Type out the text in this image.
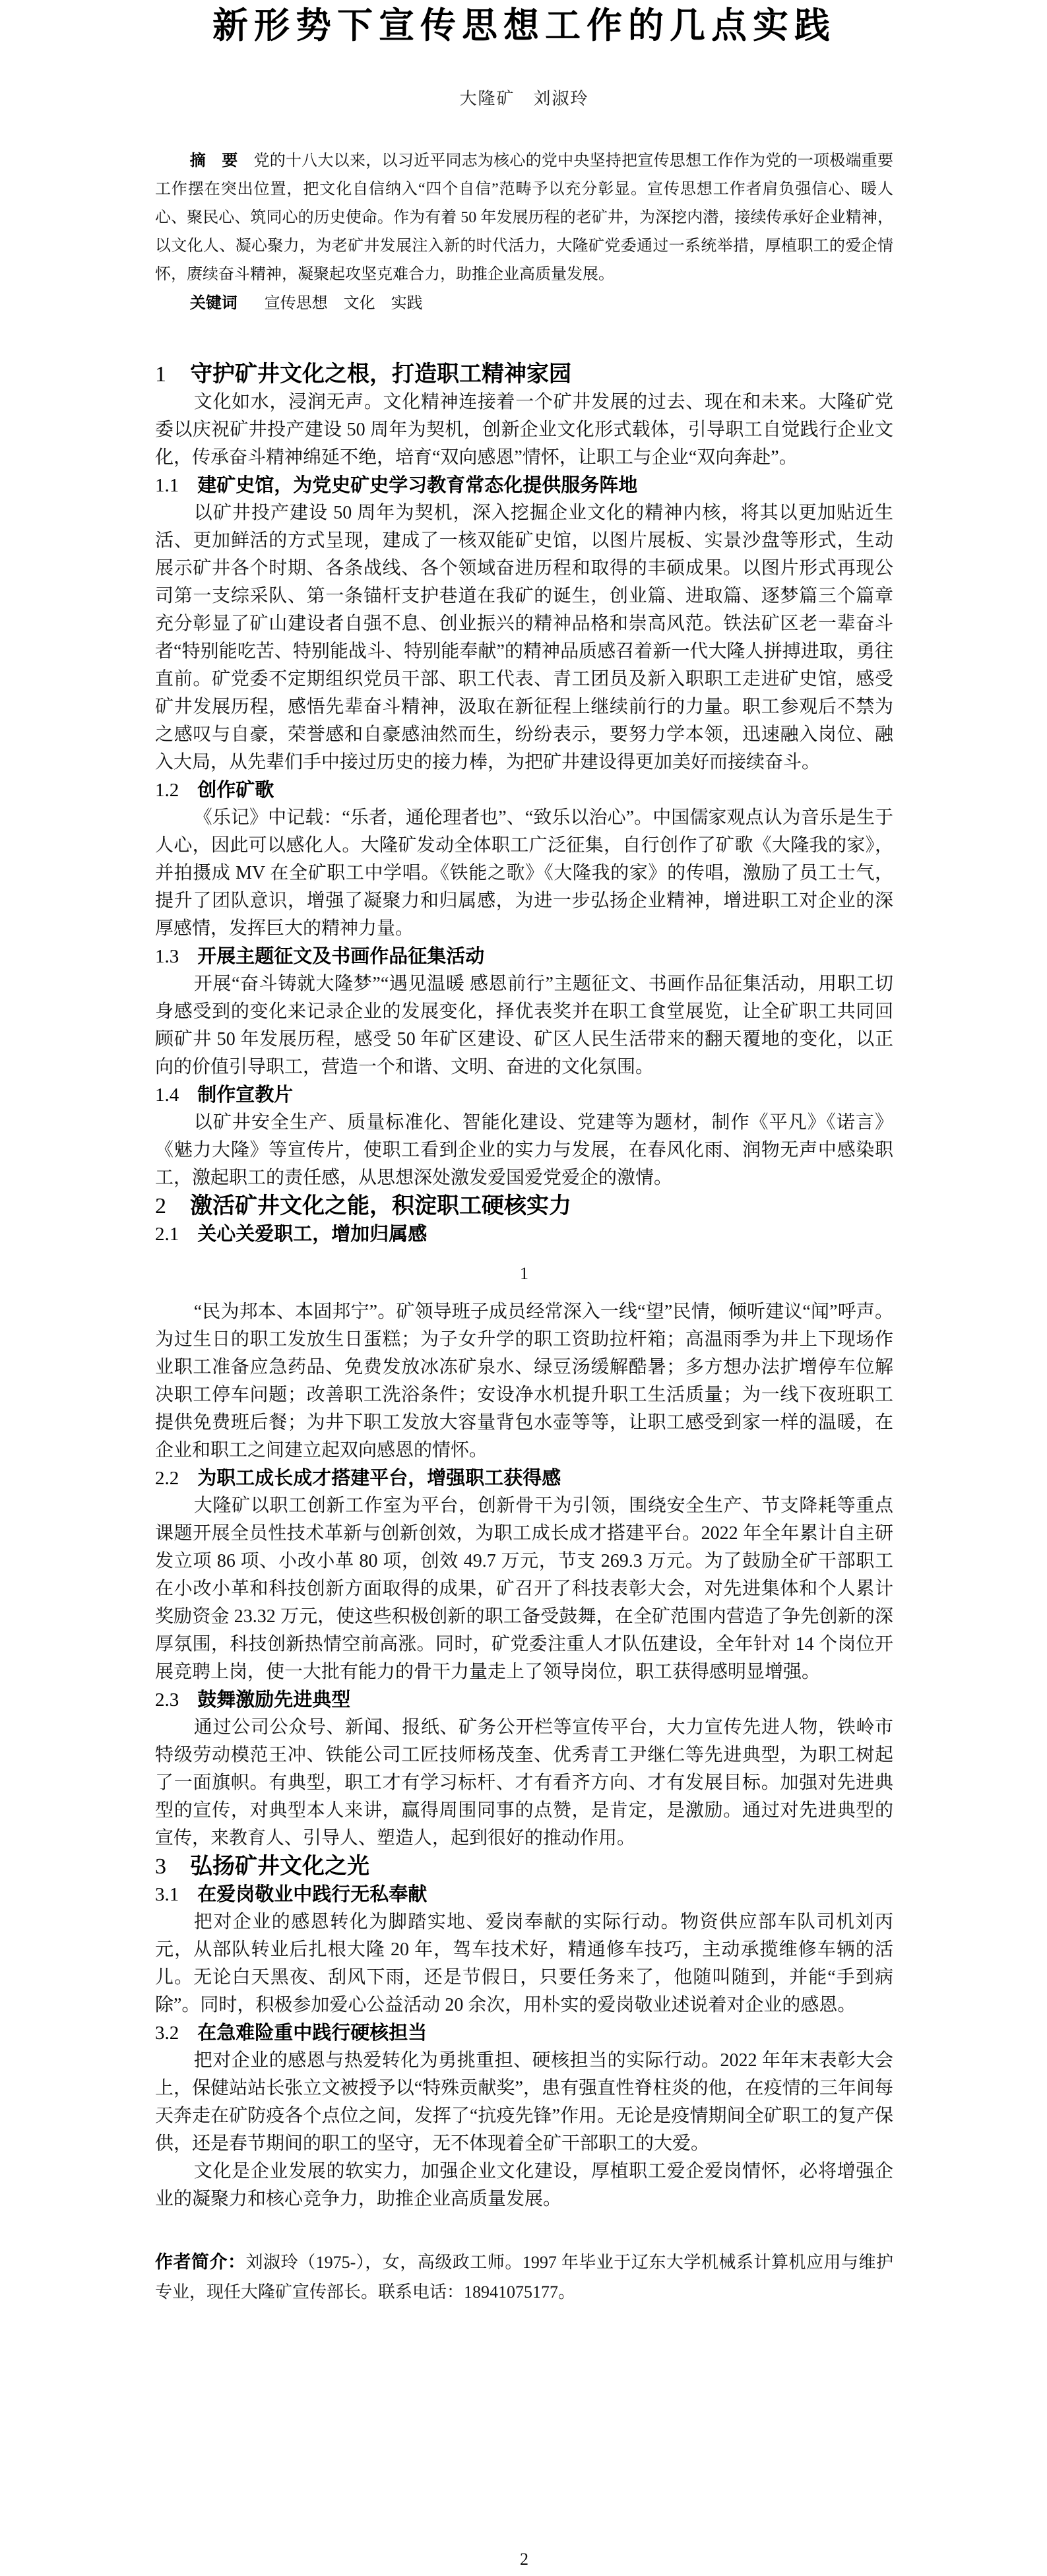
新形势下宣传思想工作的几点实践
大隆矿　刘淑玲

摘　要 党的十八大以来，以习近平同志为核心的党中央坚持把宣传思想工作作为党的一项极端重要工作摆在突出位置，把文化自信纳入“四个自信”范畴予以充分彰显。宣传思想工作者肩负强信心、暖人心、聚民心、筑同心的历史使命。作为有着 50 年发展历程的老矿井，为深挖内潜，接续传承好企业精神，以文化人、凝心聚力，为老矿井发展注入新的时代活力，大隆矿党委通过一系统举措，厚植职工的爱企情怀，赓续奋斗精神，凝聚起攻坚克难合力，助推企业高质量发展。

关键词 宣传思想　文化　实践

1 守护矿井文化之根，打造职工精神家园

文化如水，浸润无声。文化精神连接着一个矿井发展的过去、现在和未来。大隆矿党委以庆祝矿井投产建设 50 周年为契机，创新企业文化形式载体，引导职工自觉践行企业文化，传承奋斗精神绵延不绝，培育“双向感恩”情怀，让职工与企业“双向奔赴”。

1.1 建矿史馆，为党史矿史学习教育常态化提供服务阵地

以矿井投产建设 50 周年为契机，深入挖掘企业文化的精神内核，将其以更加贴近生活、更加鲜活的方式呈现，建成了一核双能矿史馆，以图片展板、实景沙盘等形式，生动展示矿井各个时期、各条战线、各个领域奋进历程和取得的丰硕成果。以图片形式再现公司第一支综采队、第一条锚杆支护巷道在我矿的诞生，创业篇、进取篇、逐梦篇三个篇章充分彰显了矿山建设者自强不息、创业振兴的精神品格和崇高风范。铁法矿区老一辈奋斗者“特别能吃苦、特别能战斗、特别能奉献”的精神品质感召着新一代大隆人拼搏进取，勇往直前。矿党委不定期组织党员干部、职工代表、青工团员及新入职职工走进矿史馆，感受矿井发展历程，感悟先辈奋斗精神，汲取在新征程上继续前行的力量。职工参观后不禁为之感叹与自豪，荣誉感和自豪感油然而生，纷纷表示，要努力学本领，迅速融入岗位、融入大局，从先辈们手中接过历史的接力棒，为把矿井建设得更加美好而接续奋斗。

1.2 创作矿歌

《乐记》中记载：“乐者，通伦理者也”、“致乐以治心”。中国儒家观点认为音乐是生于人心，因此可以感化人。大隆矿发动全体职工广泛征集，自行创作了矿歌《大隆我的家》，并拍摄成 MV 在全矿职工中学唱。《铁能之歌》《大隆我的家》的传唱，激励了员工士气，提升了团队意识，增强了凝聚力和归属感，为进一步弘扬企业精神，增进职工对企业的深厚感情，发挥巨大的精神力量。

1.3 开展主题征文及书画作品征集活动

开展“奋斗铸就大隆梦”“遇见温暖 感恩前行”主题征文、书画作品征集活动，用职工切身感受到的变化来记录企业的发展变化，择优表奖并在职工食堂展览，让全矿职工共同回顾矿井 50 年发展历程，感受 50 年矿区建设、矿区人民生活带来的翻天覆地的变化，以正向的价值引导职工，营造一个和谐、文明、奋进的文化氛围。

1.4 制作宣教片

以矿井安全生产、质量标准化、智能化建设、党建等为题材，制作《平凡》《诺言》《魅力大隆》等宣传片，使职工看到企业的实力与发展，在春风化雨、润物无声中感染职工，激起职工的责任感，从思想深处激发爱国爱党爱企的激情。

2 激活矿井文化之能，积淀职工硬核实力
2.1 关心关爱职工，增加归属感
1

“民为邦本、本固邦宁”。矿领导班子成员经常深入一线“望”民情，倾听建议“闻”呼声。为过生日的职工发放生日蛋糕；为子女升学的职工资助拉杆箱；高温雨季为井上下现场作业职工准备应急药品、免费发放冰冻矿泉水、绿豆汤缓解酷暑；多方想办法扩增停车位解决职工停车问题；改善职工洗浴条件；安设净水机提升职工生活质量；为一线下夜班职工提供免费班后餐；为井下职工发放大容量背包水壶等等，让职工感受到家一样的温暖，在企业和职工之间建立起双向感恩的情怀。

2.2 为职工成长成才搭建平台，增强职工获得感

大隆矿以职工创新工作室为平台，创新骨干为引领，围绕安全生产、节支降耗等重点课题开展全员性技术革新与创新创效，为职工成长成才搭建平台。2022 年全年累计自主研发立项 86 项、小改小革 80 项，创效 49.7 万元，节支 269.3 万元。为了鼓励全矿干部职工在小改小革和科技创新方面取得的成果，矿召开了科技表彰大会，对先进集体和个人累计奖励资金 23.32 万元，使这些积极创新的职工备受鼓舞，在全矿范围内营造了争先创新的深厚氛围，科技创新热情空前高涨。同时，矿党委注重人才队伍建设，全年针对 14 个岗位开展竞聘上岗，使一大批有能力的骨干力量走上了领导岗位，职工获得感明显增强。

2.3 鼓舞激励先进典型

通过公司公众号、新闻、报纸、矿务公开栏等宣传平台，大力宣传先进人物，铁岭市特级劳动模范王冲、铁能公司工匠技师杨茂奎、优秀青工尹继仁等先进典型，为职工树起了一面旗帜。有典型，职工才有学习标杆、才有看齐方向、才有发展目标。加强对先进典型的宣传，对典型本人来讲，赢得周围同事的点赞，是肯定，是激励。通过对先进典型的宣传，来教育人、引导人、塑造人，起到很好的推动作用。

3 弘扬矿井文化之光
3.1 在爱岗敬业中践行无私奉献

把对企业的感恩转化为脚踏实地、爱岗奉献的实际行动。物资供应部车队司机刘丙元，从部队转业后扎根大隆 20 年，驾车技术好，精通修车技巧，主动承揽维修车辆的活儿。无论白天黑夜、刮风下雨，还是节假日，只要任务来了，他随叫随到，并能“手到病除”。同时，积极参加爱心公益活动 20 余次，用朴实的爱岗敬业述说着对企业的感恩。

3.2 在急难险重中践行硬核担当

把对企业的感恩与热爱转化为勇挑重担、硬核担当的实际行动。2022 年年末表彰大会上，保健站站长张立文被授予以“特殊贡献奖”，患有强直性脊柱炎的他，在疫情的三年间每天奔走在矿防疫各个点位之间，发挥了“抗疫先锋”作用。无论是疫情期间全矿职工的复产保供，还是春节期间的职工的坚守，无不体现着全矿干部职工的大爱。

文化是企业发展的软实力，加强企业文化建设，厚植职工爱企爱岗情怀，必将增强企业的凝聚力和核心竞争力，助推企业高质量发展。

作者简介：刘淑玲（1975-），女，高级政工师。1997 年毕业于辽东大学机械系计算机应用与维护专业，现任大隆矿宣传部长。联系电话：18941075177。

2
